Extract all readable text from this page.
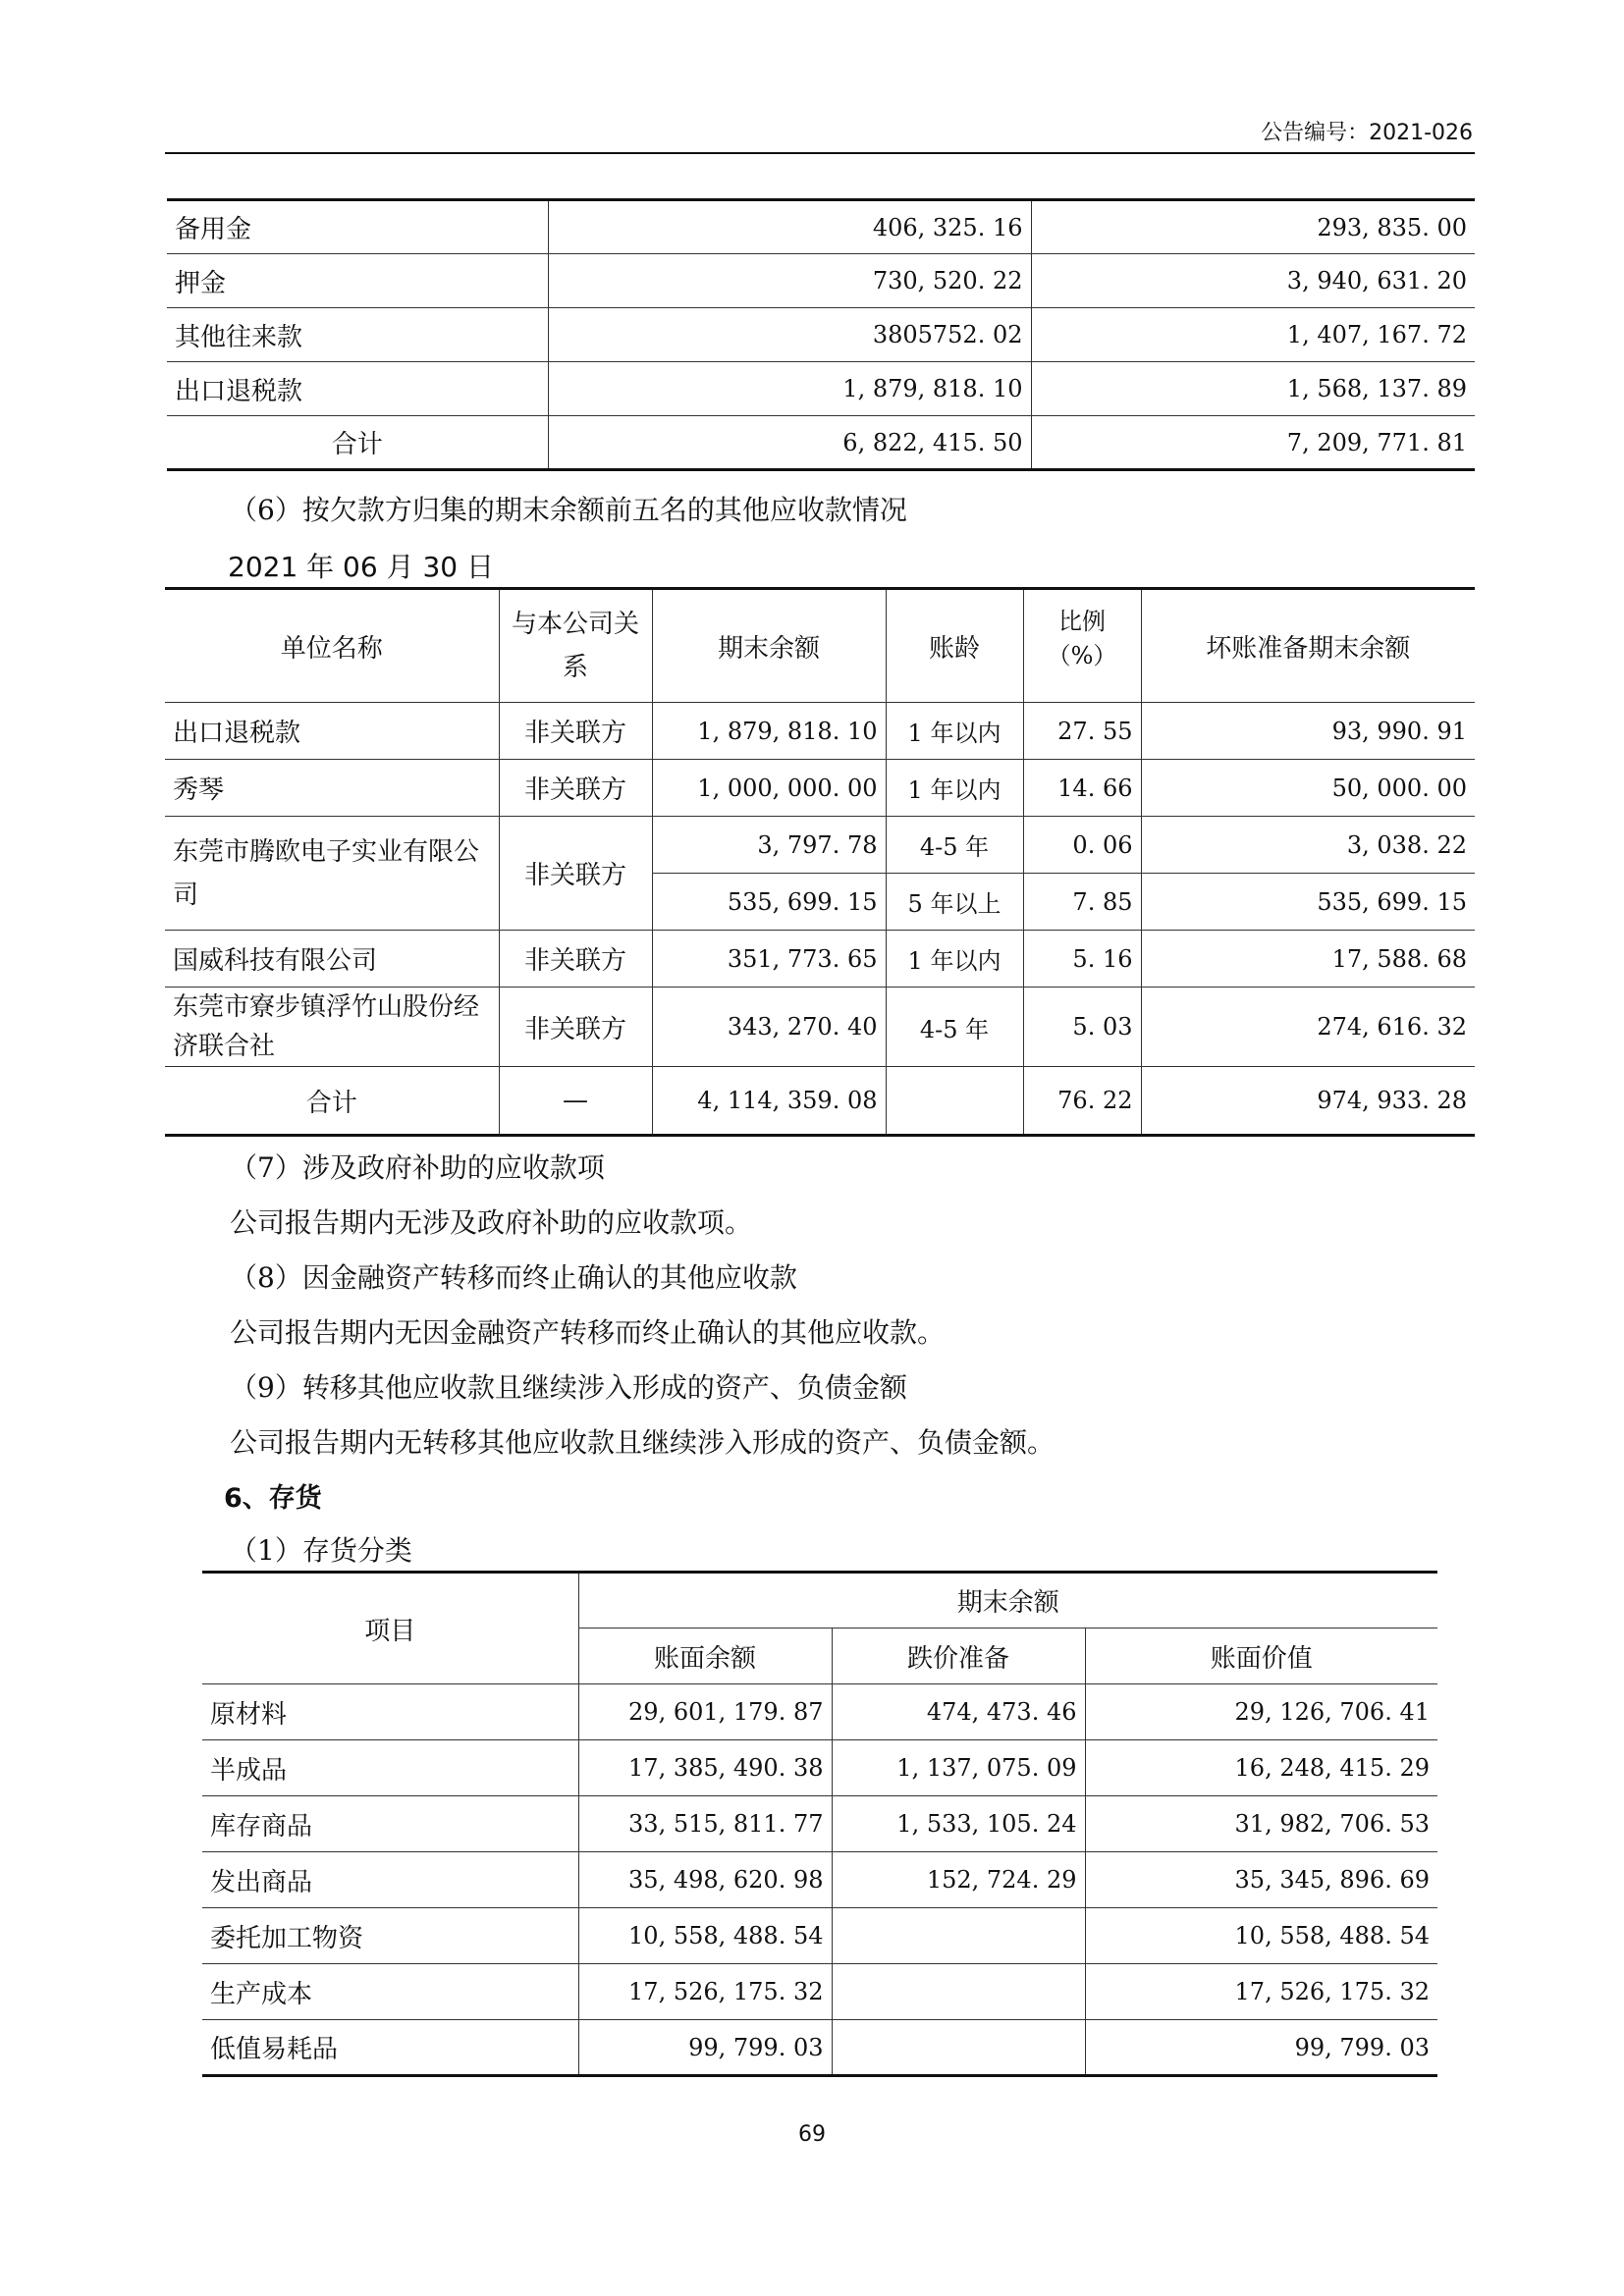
公告编号：2021-026
备用金	406, 325. 16	293, 835. 00
押金	730, 520. 22	3, 940, 631. 20
其他往来款	3805752. 02	1, 407, 167. 72
出口退税款	1, 879, 818. 10	1, 568, 137. 89
合计	6, 822, 415. 50	7, 209, 771. 81
（6）按欠款方归集的期末余额前五名的其他应收款情况
2021 年 06 月 30 日
单位名称	与本公司关系	期末余额	账龄	比例（%）	坏账准备期末余额
出口退税款	非关联方	1, 879, 818. 10	1 年以内	27. 55	93, 990. 91
秀琴	非关联方	1, 000, 000. 00	1 年以内	14. 66	50, 000. 00
东莞市腾欧电子实业有限公司	非关联方	3, 797. 78	4-5 年	0. 06	3, 038. 22
		535, 699. 15	5 年以上	7. 85	535, 699. 15
国威科技有限公司	非关联方	351, 773. 65	1 年以内	5. 16	17, 588. 68
东莞市寮步镇浮竹山股份经济联合社	非关联方	343, 270. 40	4-5 年	5. 03	274, 616. 32
合计	—	4, 114, 359. 08		76. 22	974, 933. 28
（7）涉及政府补助的应收款项
公司报告期内无涉及政府补助的应收款项。
（8）因金融资产转移而终止确认的其他应收款
公司报告期内无因金融资产转移而终止确认的其他应收款。
（9）转移其他应收款且继续涉入形成的资产、负债金额
公司报告期内无转移其他应收款且继续涉入形成的资产、负债金额。
6、存货
（1）存货分类
项目	期末余额		
	账面余额	跌价准备	账面价值
原材料	29, 601, 179. 87	474, 473. 46	29, 126, 706. 41
半成品	17, 385, 490. 38	1, 137, 075. 09	16, 248, 415. 29
库存商品	33, 515, 811. 77	1, 533, 105. 24	31, 982, 706. 53
发出商品	35, 498, 620. 98	152, 724. 29	35, 345, 896. 69
委托加工物资	10, 558, 488. 54		10, 558, 488. 54
生产成本	17, 526, 175. 32		17, 526, 175. 32
低值易耗品	99, 799. 03		99, 799. 03
69
